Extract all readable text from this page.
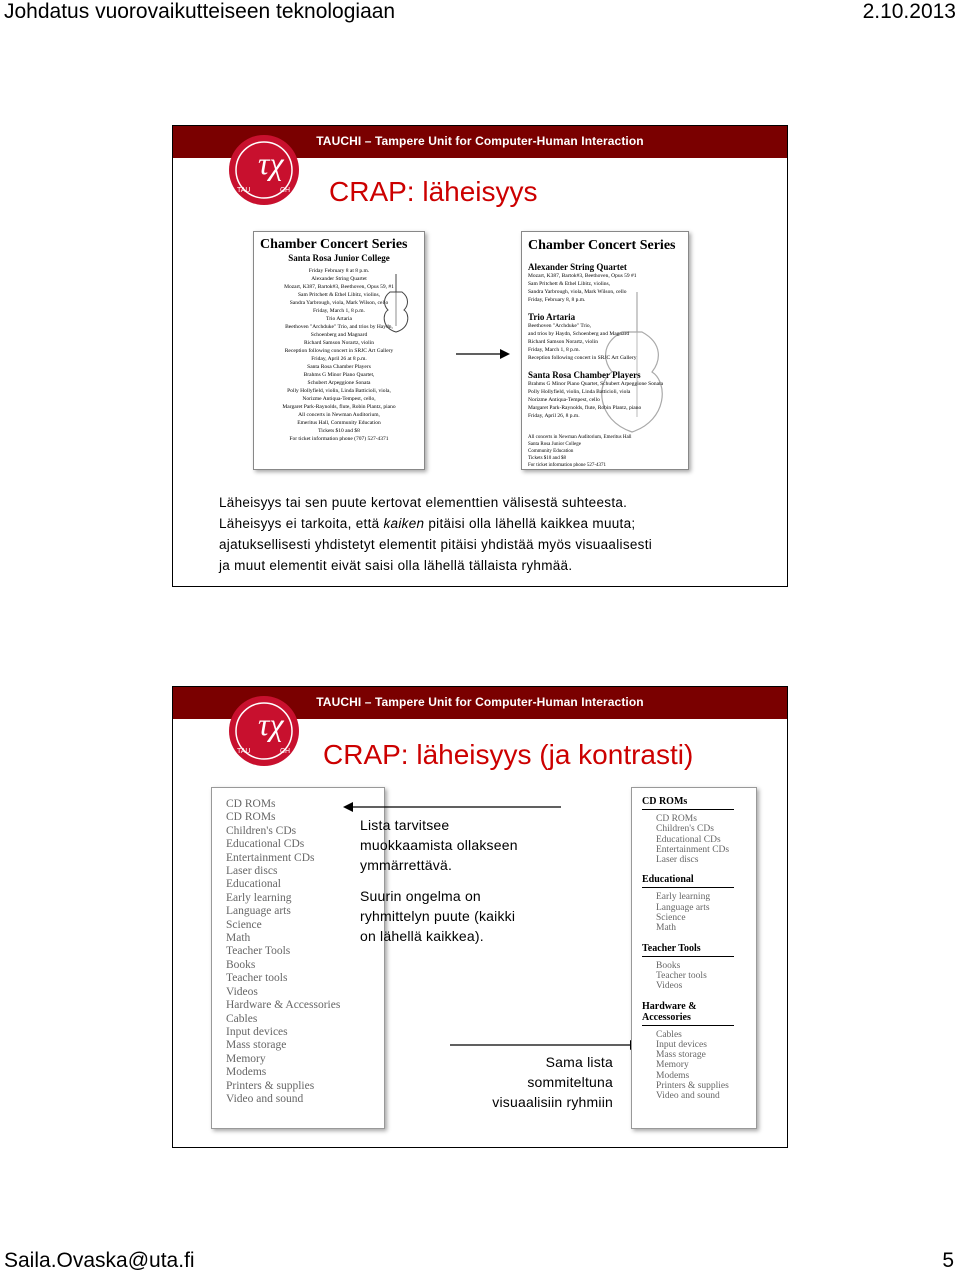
Johdatus vuorovaikutteiseen teknologiaan	2.10.2013
TAUCHI – Tampere Unit for Computer-Human Interaction
τχ
TAU	CH CRAP: läheisyys
Chamber Concert Series
Santa Rosa Junior College
Friday February 8 at 8 p.m.
Alexander String Quartet
Mozart, K387, Bartok#3, Beethoven, Opus 59, #1
Sam Pritchett & Ethel Libitz, violins,
Sandra Yarbrough, viola, Mark Wilson, cello
Friday, March 1, 8 p.m.
Trio Artaria
Beethoven "Archduke" Trio, and trios by Haydn,
Schoenberg and Magnard
Richard Samson Norartz, violin
Reception following concert in SRJC Art Gallery
Friday, April 26 at 8 p.m.
Santa Rosa Chamber Players
Brahms G Minor Piano Quartet,
Schubert Arpeggione Sonata
Polly Hollyfield, violin, Linda Batticioli, viola,
Norizme Antiqua-Tempest, cello,
Margaret Park-Raynolds, flute, Robin Plantz, piano
All concerts in Newman Auditorium,
Emeritus Hall, Community Education
Tickets $10 and $8
For ticket information phone (707) 527-4371
Chamber Concert Series
Alexander String Quartet
Mozart, K387, Bartok#3, Beethoven, Opus 59 #1
Sam Pritchett & Ethel Libitz, violins,
Sandra Yarbrough, viola, Mark Wilson, cello
Friday, February 8, 8 p.m.
Trio Artaria
Beethoven "Archduke" Trio,
and trios by Haydn, Schoenberg and Magnard
Richard Samson Norartz, violin
Friday, March 1, 8 p.m.
Reception following concert in SRJC Art Gallery
Santa Rosa Chamber Players
Brahms G Minor Piano Quartet, Schubert Arpeggione Sonata
Polly Hollyfield, violin, Linda Batticioli, viola
Norizme Antiqua-Tempest, cello
Margaret Park-Raynolds, flute, Robin Plantz, piano
Friday, April 26, 8 p.m.
All concerts in Newman Auditorium, Emeritus Hall
Santa Rosa Junior College
Community Education
Tickets $10 and $8
For ticket information phone 527-4371
Läheisyys tai sen puute kertovat elementtien välisestä suhteesta.
Läheisyys ei tarkoita, että kaiken pitäisi olla lähellä kaikkea muuta;
ajatuksellisesti yhdistetyt elementit pitäisi yhdistää myös visuaalisesti
ja muut elementit eivät saisi olla lähellä tällaista ryhmää.
TAUCHI – Tampere Unit for Computer-Human Interaction
τχ
TAU	CH CRAP: läheisyys (ja kontrasti)
CD ROMs
CD ROMs
Children's CDs
Educational CDs
Entertainment CDs
Laser discs
Educational
Early learning
Language arts
Science
Math
Teacher Tools
Books
Teacher tools
Videos
Hardware & Accessories
Cables
Input devices
Mass storage
Memory
Modems
Printers & supplies
Video and sound
Lista tarvitsee
muokkaamista ollakseen
ymmärrettävä.
Suurin ongelma on
ryhmittelyn puute (kaikki
on lähellä kaikkea).
Sama lista
sommiteltuna
visuaalisiin ryhmiin
CD ROMs
CD ROMs
Children's CDs
Educational CDs
Entertainment CDs
Laser discs
Educational
Early learning
Language arts
Science
Math
Teacher Tools
Books
Teacher tools
Videos
Hardware & Accessories
Cables
Input devices
Mass storage
Memory
Modems
Printers & supplies
Video and sound
Saila.Ovaska@uta.fi	5
